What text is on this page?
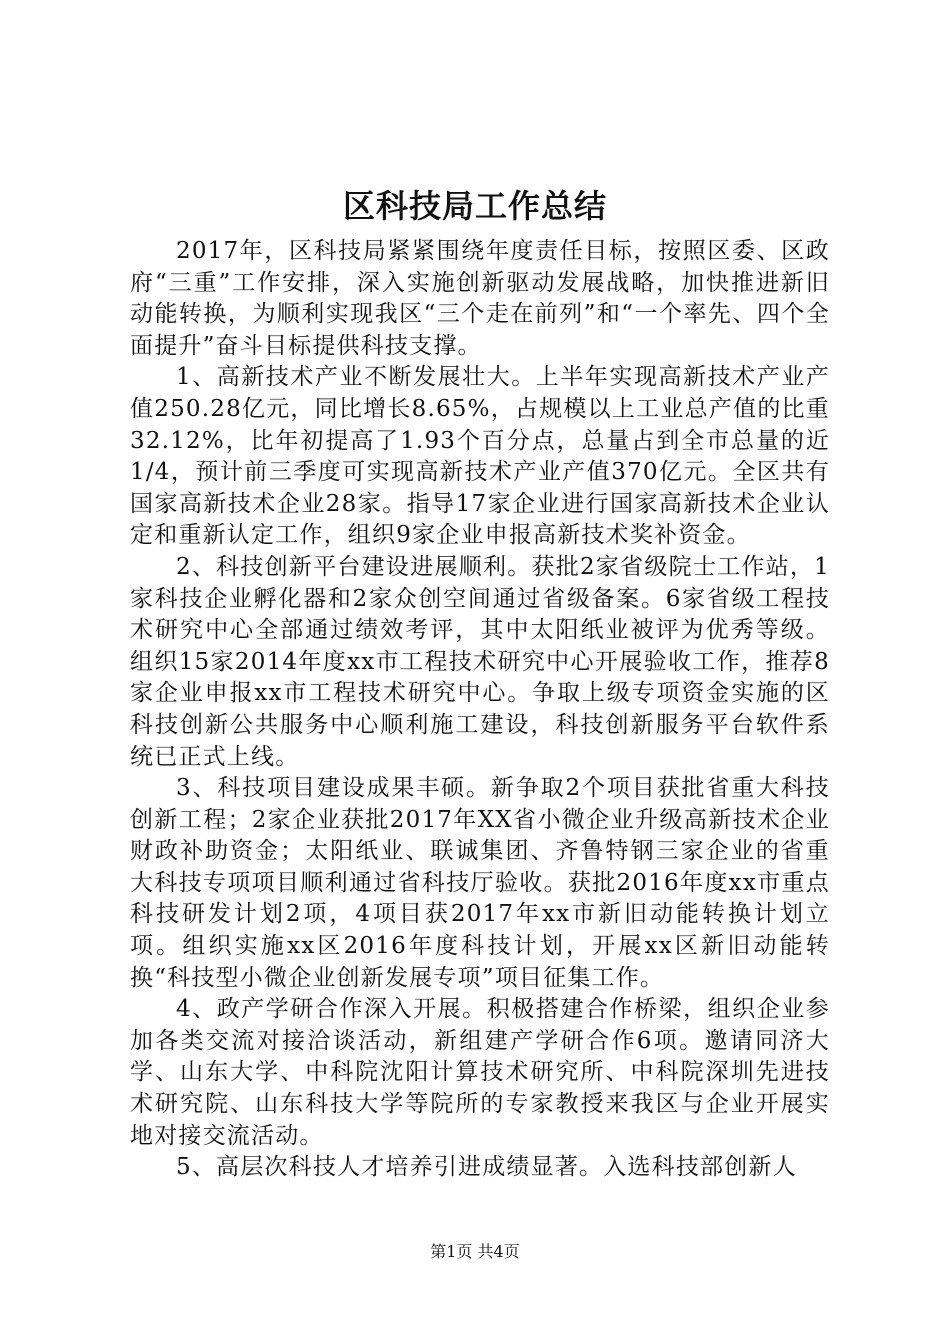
区科技局工作总结

2017年，区科技局紧紧围绕年度责任目标，按照区委、区政府“三重”工作安排，深入实施创新驱动发展战略，加快推进新旧动能转换，为顺利实现我区“三个走在前列”和“一个率先、四个全面提升”奋斗目标提供科技支撑。

1、高新技术产业不断发展壮大。上半年实现高新技术产业产值250.28亿元，同比增长8.65%，占规模以上工业总产值的比重32.12%，比年初提高了1.93个百分点，总量占到全市总量的近1/4，预计前三季度可实现高新技术产业产值370亿元。全区共有国家高新技术企业28家。指导17家企业进行国家高新技术企业认定和重新认定工作，组织9家企业申报高新技术奖补资金。

2、科技创新平台建设进展顺利。获批2家省级院士工作站，1家科技企业孵化器和2家众创空间通过省级备案。6家省级工程技术研究中心全部通过绩效考评，其中太阳纸业被评为优秀等级。组织15家2014年度xx市工程技术研究中心开展验收工作，推荐8家企业申报xx市工程技术研究中心。争取上级专项资金实施的区科技创新公共服务中心顺利施工建设，科技创新服务平台软件系统已正式上线。

3、科技项目建设成果丰硕。新争取2个项目获批省重大科技创新工程；2家企业获批2017年XX省小微企业升级高新技术企业财政补助资金；太阳纸业、联诚集团、齐鲁特钢三家企业的省重大科技专项项目顺利通过省科技厅验收。获批2016年度xx市重点科技研发计划2项，4项目获2017年xx市新旧动能转换计划立项。组织实施xx区2016年度科技计划，开展xx区新旧动能转换“科技型小微企业创新发展专项”项目征集工作。

4、政产学研合作深入开展。积极搭建合作桥梁，组织企业参加各类交流对接洽谈活动，新组建产学研合作6项。邀请同济大学、山东大学、中科院沈阳计算技术研究所、中科院深圳先进技术研究院、山东科技大学等院所的专家教授来我区与企业开展实地对接交流活动。

5、高层次科技人才培养引进成绩显著。入选科技部创新人

第1页 共4页
